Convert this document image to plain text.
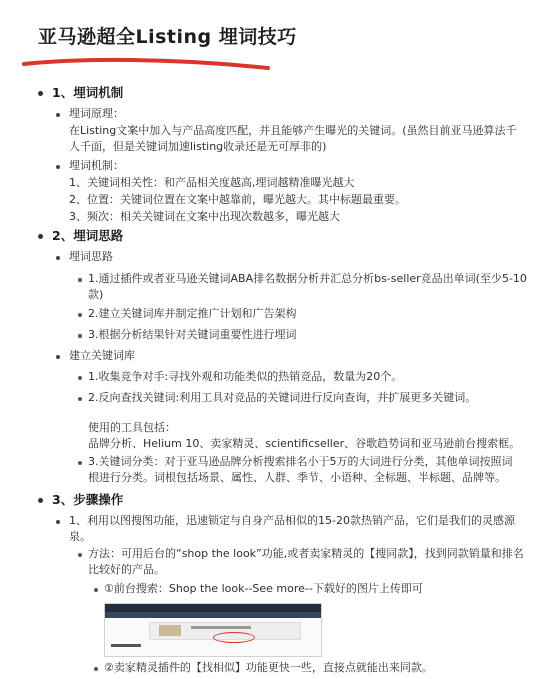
亚马逊超全Listing 埋词技巧
1、埋词机制
埋词原理：
在Listing文案中加入与产品高度匹配，并且能够产生曝光的关键词。(虽然目前亚马逊算法千
人千面，但是关键词加速listing收录还是无可厚非的)
埋词机制：
1、关键词相关性：和产品相关度越高,埋词越精准曝光越大
2、位置：关键词位置在文案中越靠前，曝光越大。其中标题最重要。
3、频次：相关关键词在文案中出现次数越多，曝光越大
2、埋词思路
埋词思路
1.通过插件或者亚马逊关键词ABA排名数据分析并汇总分析bs-seller竞品出单词(至少5-10
款)
2.建立关键词库并制定推广计划和广告架构
3.根据分析结果针对关键词重要性进行埋词
建立关键词库
1.收集竞争对手:寻找外观和功能类似的热销竞品，数量为20个。
2.反向查找关键词:利用工具对竞品的关键词进行反向查询，并扩展更多关键词。
使用的工具包括：
品牌分析、Helium 10、卖家精灵、scientificseller、谷歌趋势词和亚马逊前台搜索框。
3.关键词分类：对于亚马逊品牌分析搜索排名小于5万的大词进行分类，其他单词按照词
根进行分类。词根包括场景、属性、人群、季节、小语种、全标题、半标题、品牌等。
3、步骤操作
1、利用以图搜图功能，迅速锁定与自身产品相似的15-20款热销产品，它们是我们的灵感源
泉。
方法：可用后台的“shop the look”功能,或者卖家精灵的【搜同款】，找到同款销量和排名
比较好的产品。
①前台搜索：Shop the look--See more--下载好的图片上传即可
②卖家精灵插件的【找相似】功能更快一些，直接点就能出来同款。
